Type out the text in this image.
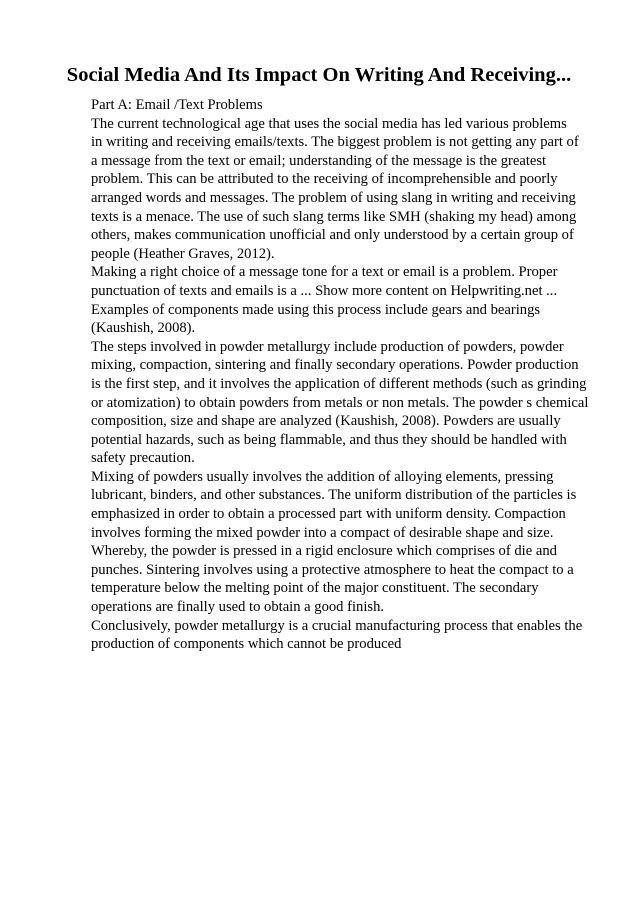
Social Media And Its Impact On Writing And Receiving...
Part A: Email /Text Problems
The current technological age that uses the social media has led various problems
in writing and receiving emails/texts. The biggest problem is not getting any part of
a message from the text or email; understanding of the message is the greatest
problem. This can be attributed to the receiving of incomprehensible and poorly
arranged words and messages. The problem of using slang in writing and receiving
texts is a menace. The use of such slang terms like SMH (shaking my head) among
others, makes communication unofficial and only understood by a certain group of
people (Heather Graves, 2012).
Making a right choice of a message tone for a text or email is a problem. Proper
punctuation of texts and emails is a ... Show more content on Helpwriting.net ...
Examples of components made using this process include gears and bearings
(Kaushish, 2008).
The steps involved in powder metallurgy include production of powders, powder
mixing, compaction, sintering and finally secondary operations. Powder production
is the first step, and it involves the application of different methods (such as grinding
or atomization) to obtain powders from metals or non metals. The powder s chemical
composition, size and shape are analyzed (Kaushish, 2008). Powders are usually
potential hazards, such as being flammable, and thus they should be handled with
safety precaution.
Mixing of powders usually involves the addition of alloying elements, pressing
lubricant, binders, and other substances. The uniform distribution of the particles is
emphasized in order to obtain a processed part with uniform density. Compaction
involves forming the mixed powder into a compact of desirable shape and size.
Whereby, the powder is pressed in a rigid enclosure which comprises of die and
punches. Sintering involves using a protective atmosphere to heat the compact to a
temperature below the melting point of the major constituent. The secondary
operations are finally used to obtain a good finish.
Conclusively, powder metallurgy is a crucial manufacturing process that enables the
production of components which cannot be produced
